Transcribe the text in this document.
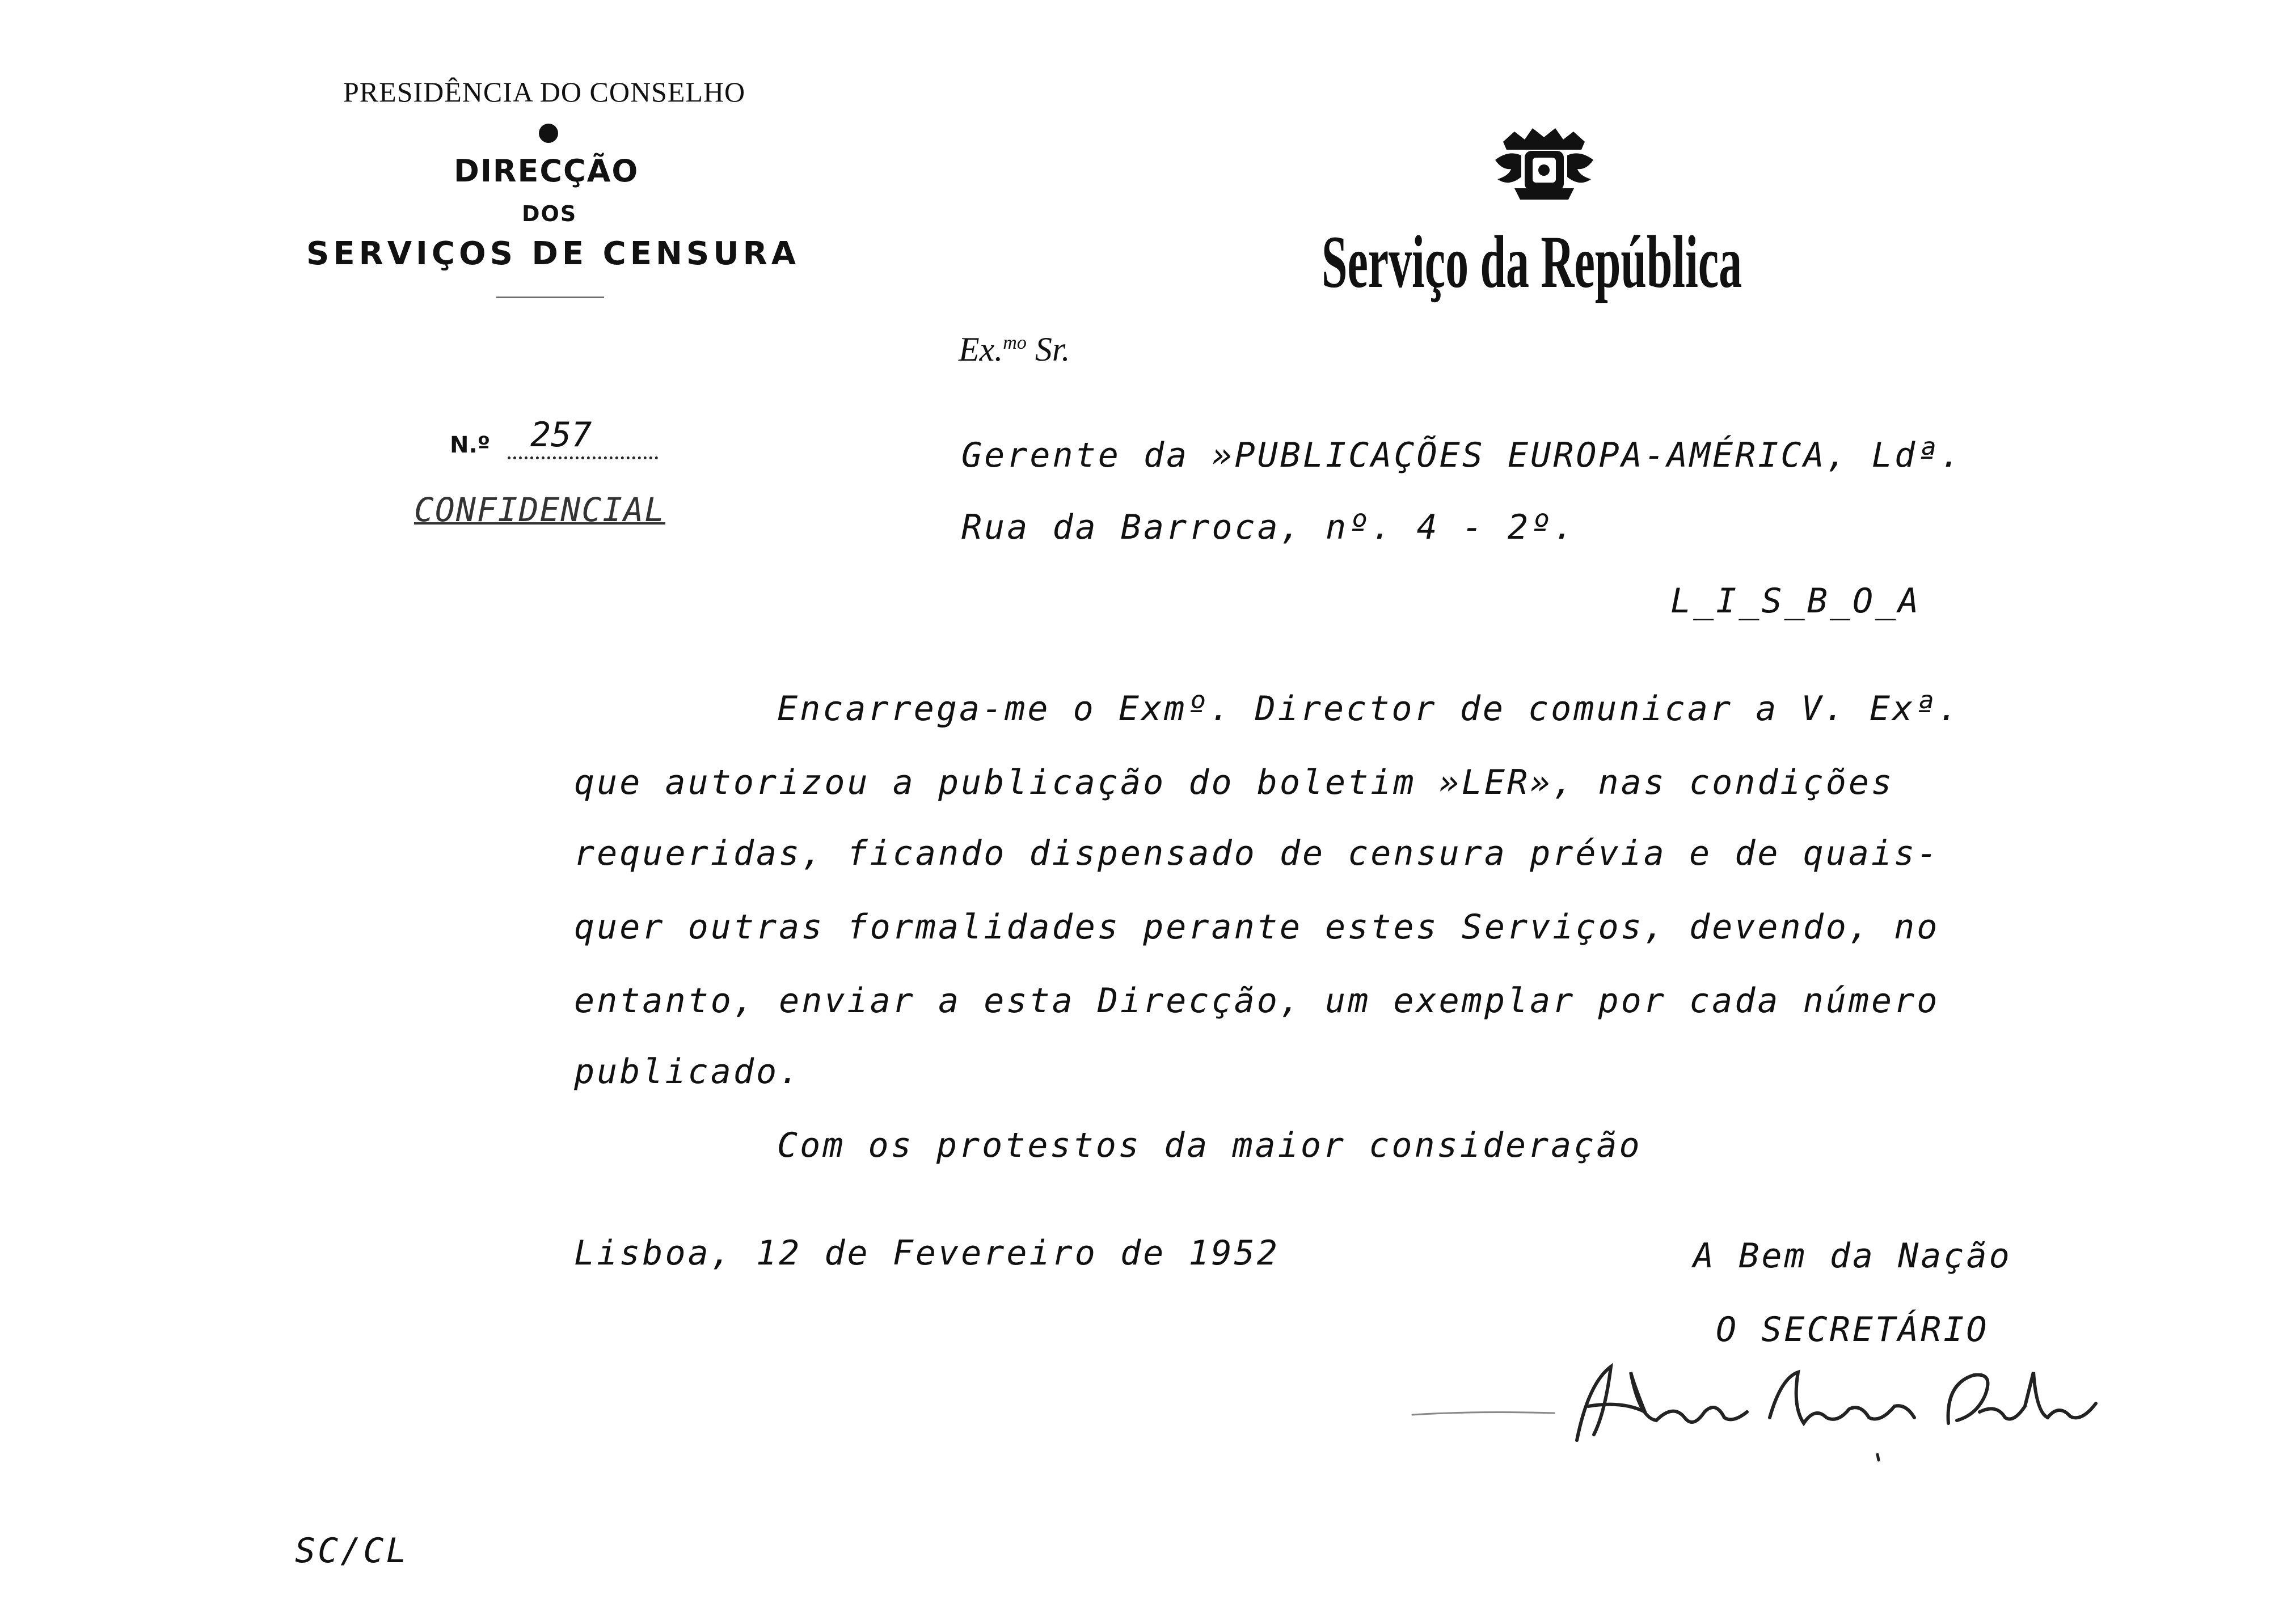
PRESIDÊNCIA DO CONSELHO
DIRECÇÃO
DOS
SERVIÇOS DE CENSURA	Serviço da República
Ex.$^{mo}$ Sr.
N.º	257
CONFIDENCIAL
Gerente da »PUBLICAÇÕES EUROPA-AMÉRICA, Ldª.
Rua da Barroca, nº. 4 - 2º.
L_I_S_B_O_A
Encarrega-me o Exmº. Director de comunicar a V. Exª.
que autorizou a publicação do boletim »LER», nas condições
requeridas, ficando dispensado de censura prévia e de quais-
quer outras formalidades perante estes Serviços, devendo, no
entanto, enviar a esta Direcção, um exemplar por cada número
publicado.
Com os protestos da maior consideração
Lisboa, 12 de Fevereiro de 1952	A Bem da Nação
O SECRETÁRIO
SC/CL
